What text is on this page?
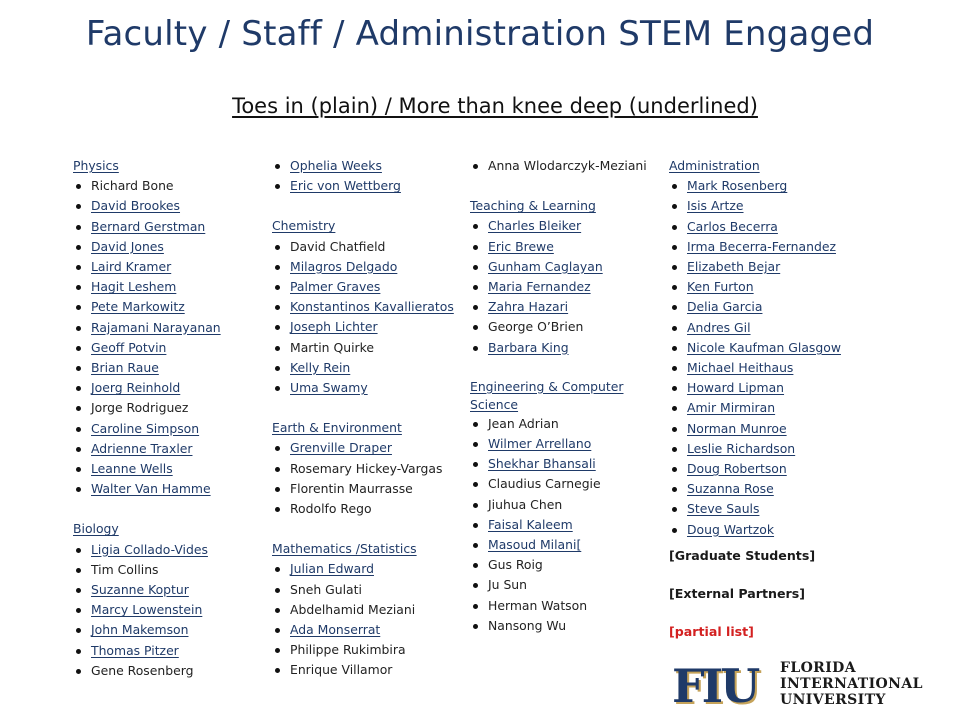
Faculty / Staff / Administration STEM Engaged
Toes in (plain) / More than knee deep (underlined)
Physics
Richard Bone
David Brookes
Bernard Gerstman
David Jones
Laird Kramer
Hagit Leshem
Pete Markowitz
Rajamani Narayanan
Geoff Potvin
Brian Raue
Joerg Reinhold
Jorge Rodriguez
Caroline Simpson
Adrienne Traxler
Leanne Wells
Walter Van Hamme
Biology
Ligia Collado-Vides
Tim Collins
Suzanne Koptur
Marcy Lowenstein
John Makemson
Thomas Pitzer
Gene Rosenberg
Ophelia Weeks
Eric von Wettberg
Chemistry
David Chatfield
Milagros Delgado
Palmer Graves
Konstantinos Kavallieratos
Joseph Lichter
Martin Quirke
Kelly Rein
Uma Swamy
Earth & Environment
Grenville Draper
Rosemary Hickey-Vargas
Florentin Maurrasse
Rodolfo Rego
Mathematics /Statistics
Julian Edward
Sneh Gulati
Abdelhamid Meziani
Ada Monserrat
Philippe Rukimbira
Enrique Villamor
Anna Wlodarczyk-Meziani
Teaching & Learning
Charles Bleiker
Eric Brewe
Gunham Caglayan
Maria Fernandez
Zahra Hazari
George O’Brien
Barbara King
Engineering & Computer Science
Jean Adrian
Wilmer Arrellano
Shekhar Bhansali
Claudius Carnegie
Jiuhua Chen
Faisal Kaleem
Masoud Milani[
Gus Roig
Ju Sun
Herman Watson
Nansong Wu
Administration
Mark Rosenberg
Isis Artze
Carlos Becerra
Irma Becerra-Fernandez
Elizabeth Bejar
Ken Furton
Delia Garcia
Andres Gil
Nicole Kaufman Glasgow
Michael Heithaus
Howard Lipman
Amir Mirmiran
Norman Munroe
Leslie Richardson
Doug Robertson
Suzanna Rose
Steve Sauls
Doug Wartzok
[Graduate Students]
[External Partners]
[partial list]
FIU	FLORIDA
INTERNATIONAL
UNIVERSITY
